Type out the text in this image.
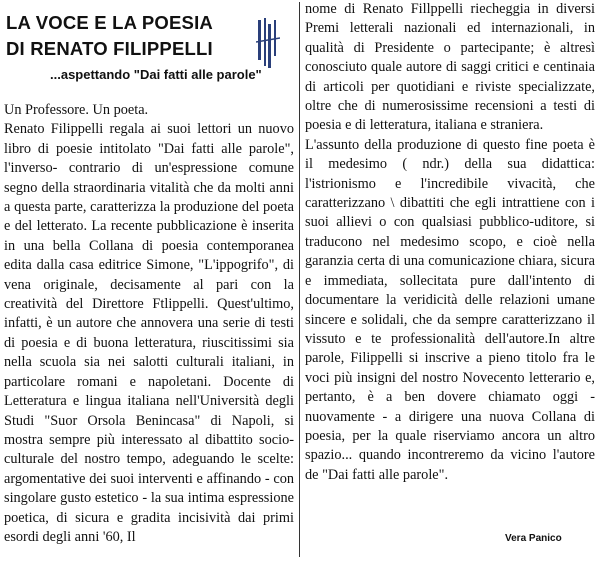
LA VOCE E LA POESIA
DI RENATO FILIPPELLI

...aspettando "Dai fatti alle parole"

Un Professore. Un poeta.

Renato Filippelli regala ai suoi lettori un nuovo libro di poesie intitolato "Dai fatti alle parole", l'inverso- contrario di un'espressione comune segno della straordinaria vitalità che da molti anni a questa parte, caratterizza la produzione del poeta e del letterato. La recente pubblicazione è inserita in una bella Collana di poesia contemporanea edita dalla casa editrice Simone, "L'ippogrifo", di vena originale, decisamente al pari con la creatività del Direttore Ftlippelli. Quest'ultimo, infatti, è un autore che annovera una serie di testi di poesia e di buona letteratura, riuscitissimi sia nella scuola sia nei salotti culturali italiani, in particolare romani e napoletani. Docente di Letteratura e lingua italiana nell'Università degli Studi "Suor Orsola Benincasa" di Napoli, si mostra sempre più interessato al dibattito socio-culturale del nostro tempo, adeguando le scelte: argomentative dei suoi interventi e affinando - con singolare gusto estetico - la sua intima espressione poetica, di sicura e gradita incisività dai primi esordi degli anni '60, Il

nome di Renato Fillppelli riecheggia in diversi Premi letterali nazionali ed internazionali, in qualità di Presidente o partecipante; è altresì conosciuto quale autore di saggi critici e centinaia di articoli per quotidiani e riviste specializzate, oltre che di numerosissime recensioni a testi di poesia e di letteratura, italiana e straniera.

L'assunto della produzione di questo fine poeta è il medesimo ( ndr.) della sua didattica: l'istrionismo e l'incredibile vivacità, che caratterizzano \ dibattiti che egli intrattiene con i suoi allievi o con qualsiasi pubblico-uditore, si traducono nel medesimo scopo, e cioè nella garanzia certa di una comunicazione chiara, sicura e immediata, sollecitata pure dall'intento di documentare la veridicità delle relazioni umane sincere e solidali, che da sempre caratterizzano il vissuto e te professionalità dell'autore.In altre parole, Filippelli si inscrive a pieno titolo fra le voci più insigni del nostro Novecento letterario e, pertanto, è a ben dovere chiamato oggi - nuovamente - a dirigere una nuova Collana di poesia, per la quale riserviamo ancora un altro spazio... quando incontreremo da vicino l'autore de "Dai fatti alle parole".

Vera Panico
